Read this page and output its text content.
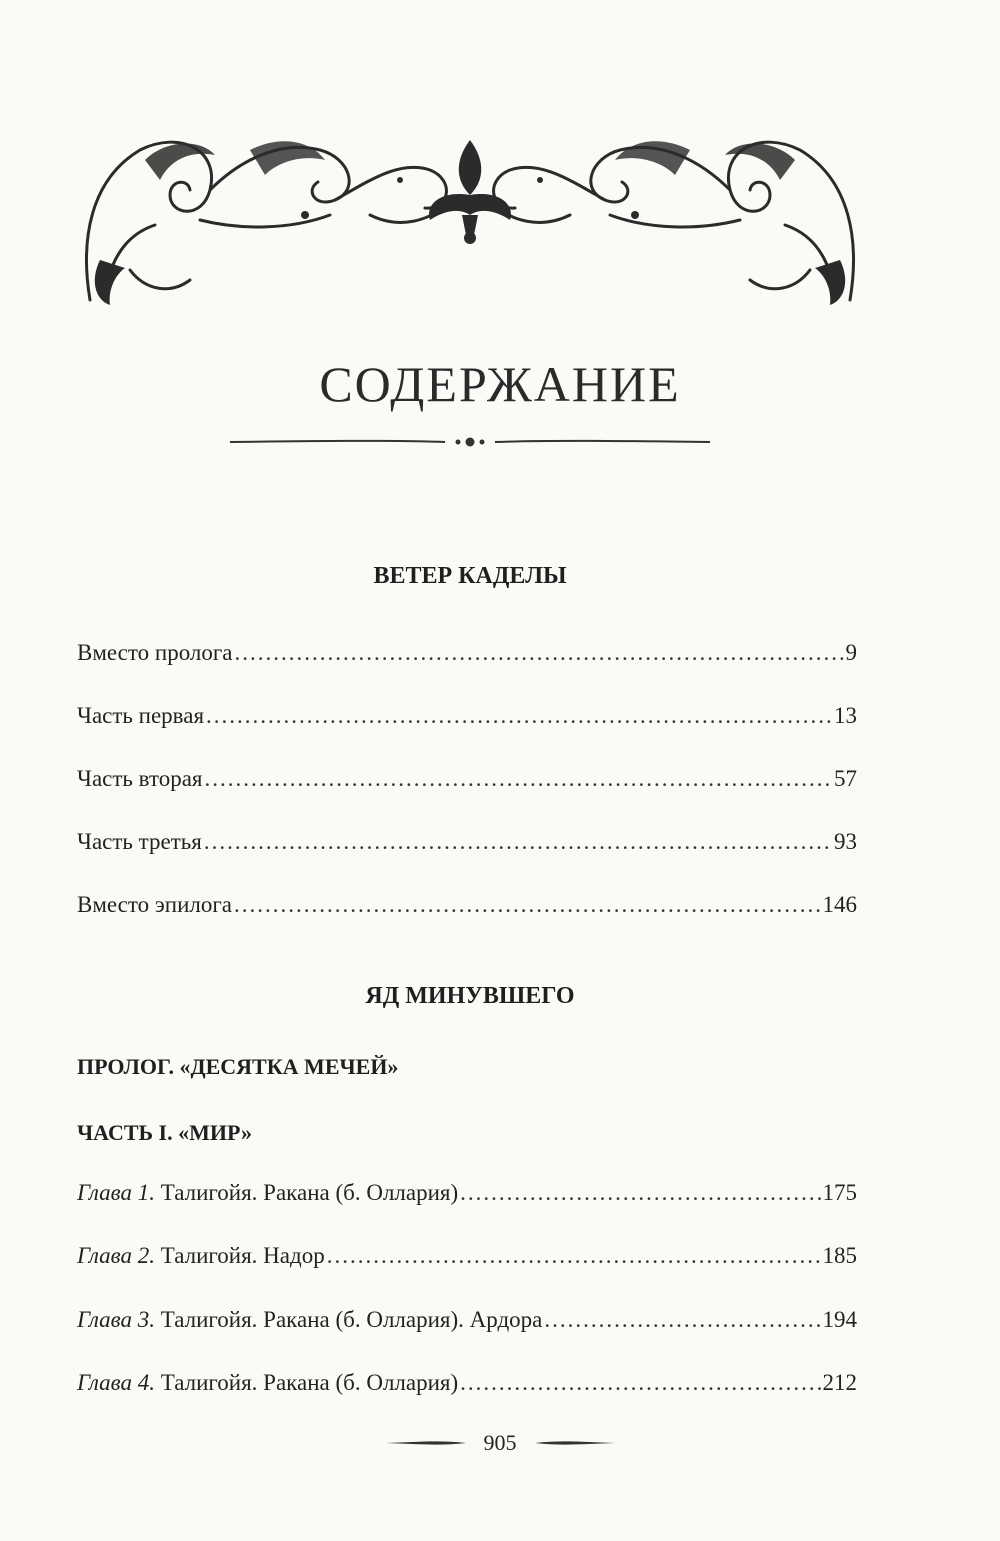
СОДЕРЖАНИЕ
ВЕТЕР КАДЕЛЫ
Вместо пролога .....	9
Часть первая .....	13
Часть вторая .....	57
Часть третья .....	93
Вместо эпилога .....	146
ЯД МИНУВШЕГО
ПРОЛОГ. «ДЕСЯТКА МЕЧЕЙ»
ЧАСТЬ I. «МИР»
Глава 1. Талигойя. Ракана (б. Оллария) .....	175
Глава 2. Талигойя. Надор .....	185
Глава 3. Талигойя. Ракана (б. Оллария). Ардора .....	194
Глава 4. Талигойя. Ракана (б. Оллария) .....	212
905
